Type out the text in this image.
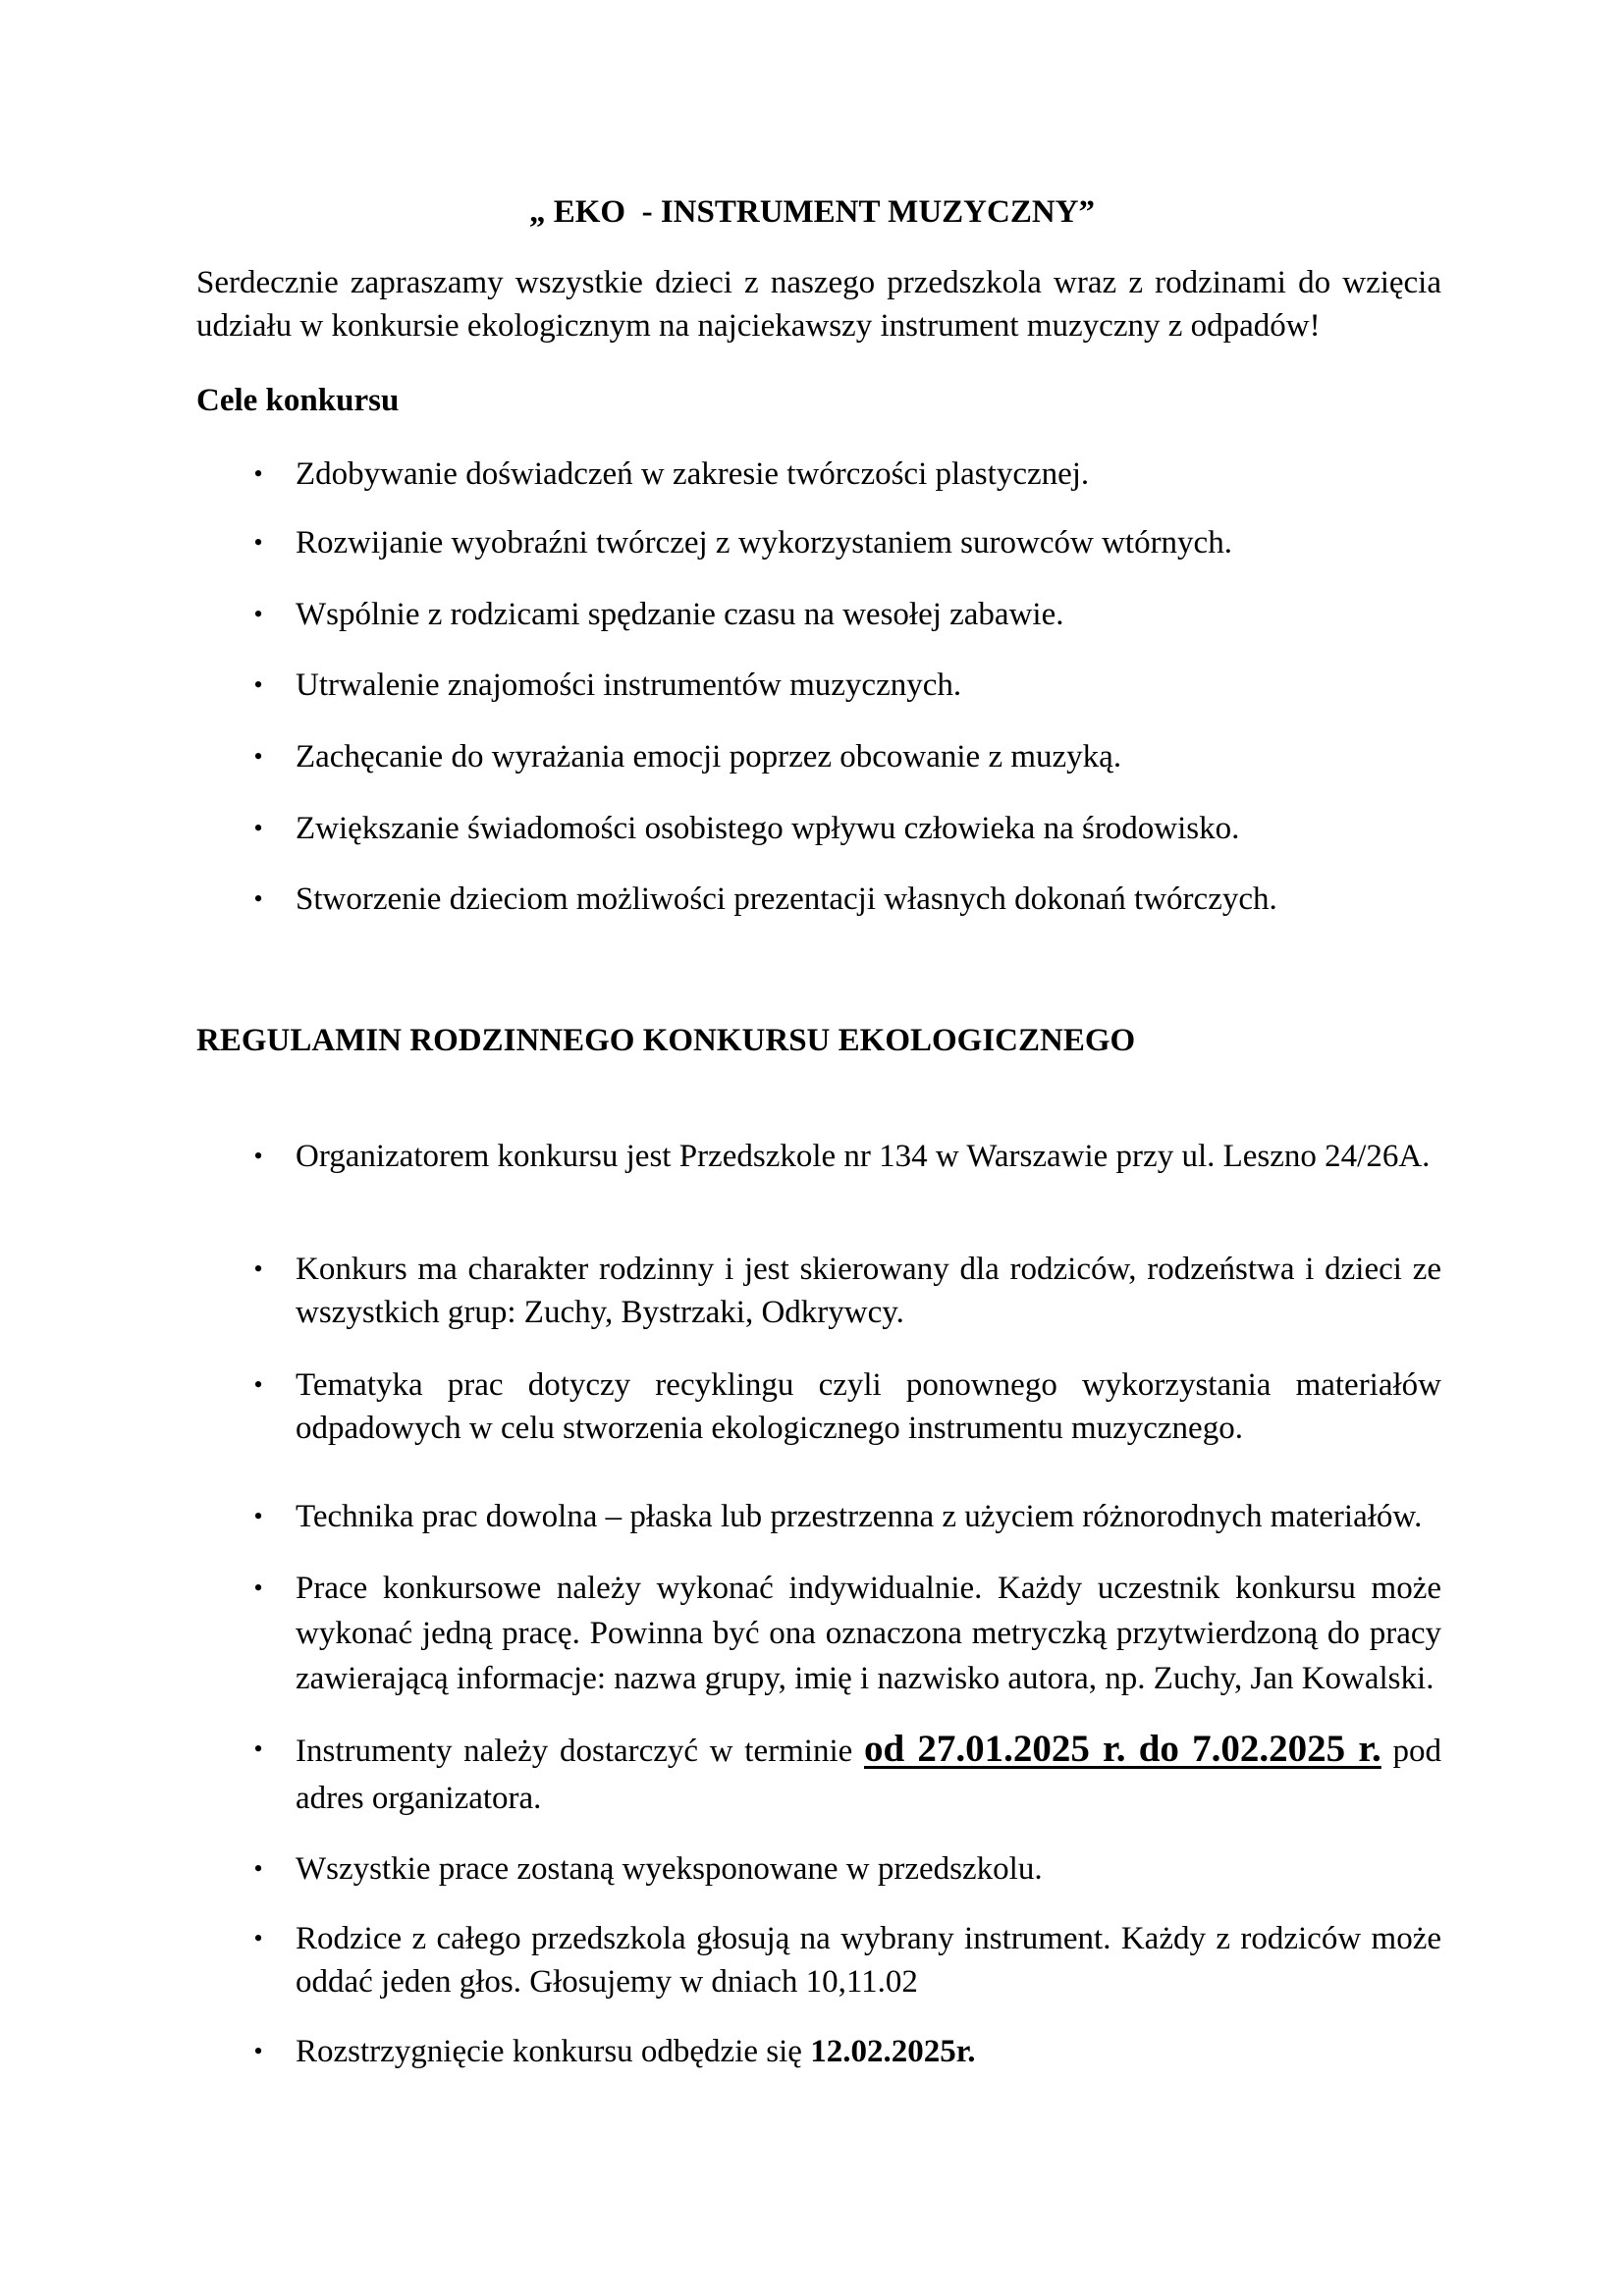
„ EKO  - INSTRUMENT MUZYCZNY”
Serdecznie zapraszamy wszystkie dzieci z naszego przedszkola wraz z rodzinami do wzięcia udziału w konkursie ekologicznym na najciekawszy instrument muzyczny z odpadów!
Cele konkursu
• Zdobywanie doświadczeń w zakresie twórczości plastycznej.
• Rozwijanie wyobraźni twórczej z wykorzystaniem surowców wtórnych.
• Wspólnie z rodzicami spędzanie czasu na wesołej zabawie.
• Utrwalenie znajomości instrumentów muzycznych.
• Zachęcanie do wyrażania emocji poprzez obcowanie z muzyką.
• Zwiększanie świadomości osobistego wpływu człowieka na środowisko.
• Stworzenie dzieciom możliwości prezentacji własnych dokonań twórczych.
REGULAMIN RODZINNEGO KONKURSU EKOLOGICZNEGO
• Organizatorem konkursu jest Przedszkole nr 134 w Warszawie przy ul. Leszno 24/26A.
• Konkurs ma charakter rodzinny i jest skierowany dla rodziców, rodzeństwa i dzieci ze wszystkich grup: Zuchy, Bystrzaki, Odkrywcy.
• Tematyka prac dotyczy recyklingu czyli ponownego wykorzystania materiałów odpadowych w celu stworzenia ekologicznego instrumentu muzycznego.
• Technika prac dowolna – płaska lub przestrzenna z użyciem różnorodnych materiałów.
• Prace konkursowe należy wykonać indywidualnie. Każdy uczestnik konkursu może wykonać jedną pracę. Powinna być ona oznaczona metryczką przytwierdzoną do pracy zawierającą informacje: nazwa grupy, imię i nazwisko autora, np. Zuchy, Jan Kowalski.
• Instrumenty należy dostarczyć w terminie od 27.01.2025 r. do 7.02.2025 r. pod adres organizatora.
• Wszystkie prace zostaną wyeksponowane w przedszkolu.
• Rodzice z całego przedszkola głosują na wybrany instrument. Każdy z rodziców może oddać jeden głos. Głosujemy w dniach 10,11.02
• Rozstrzygnięcie konkursu odbędzie się 12.02.2025r.
